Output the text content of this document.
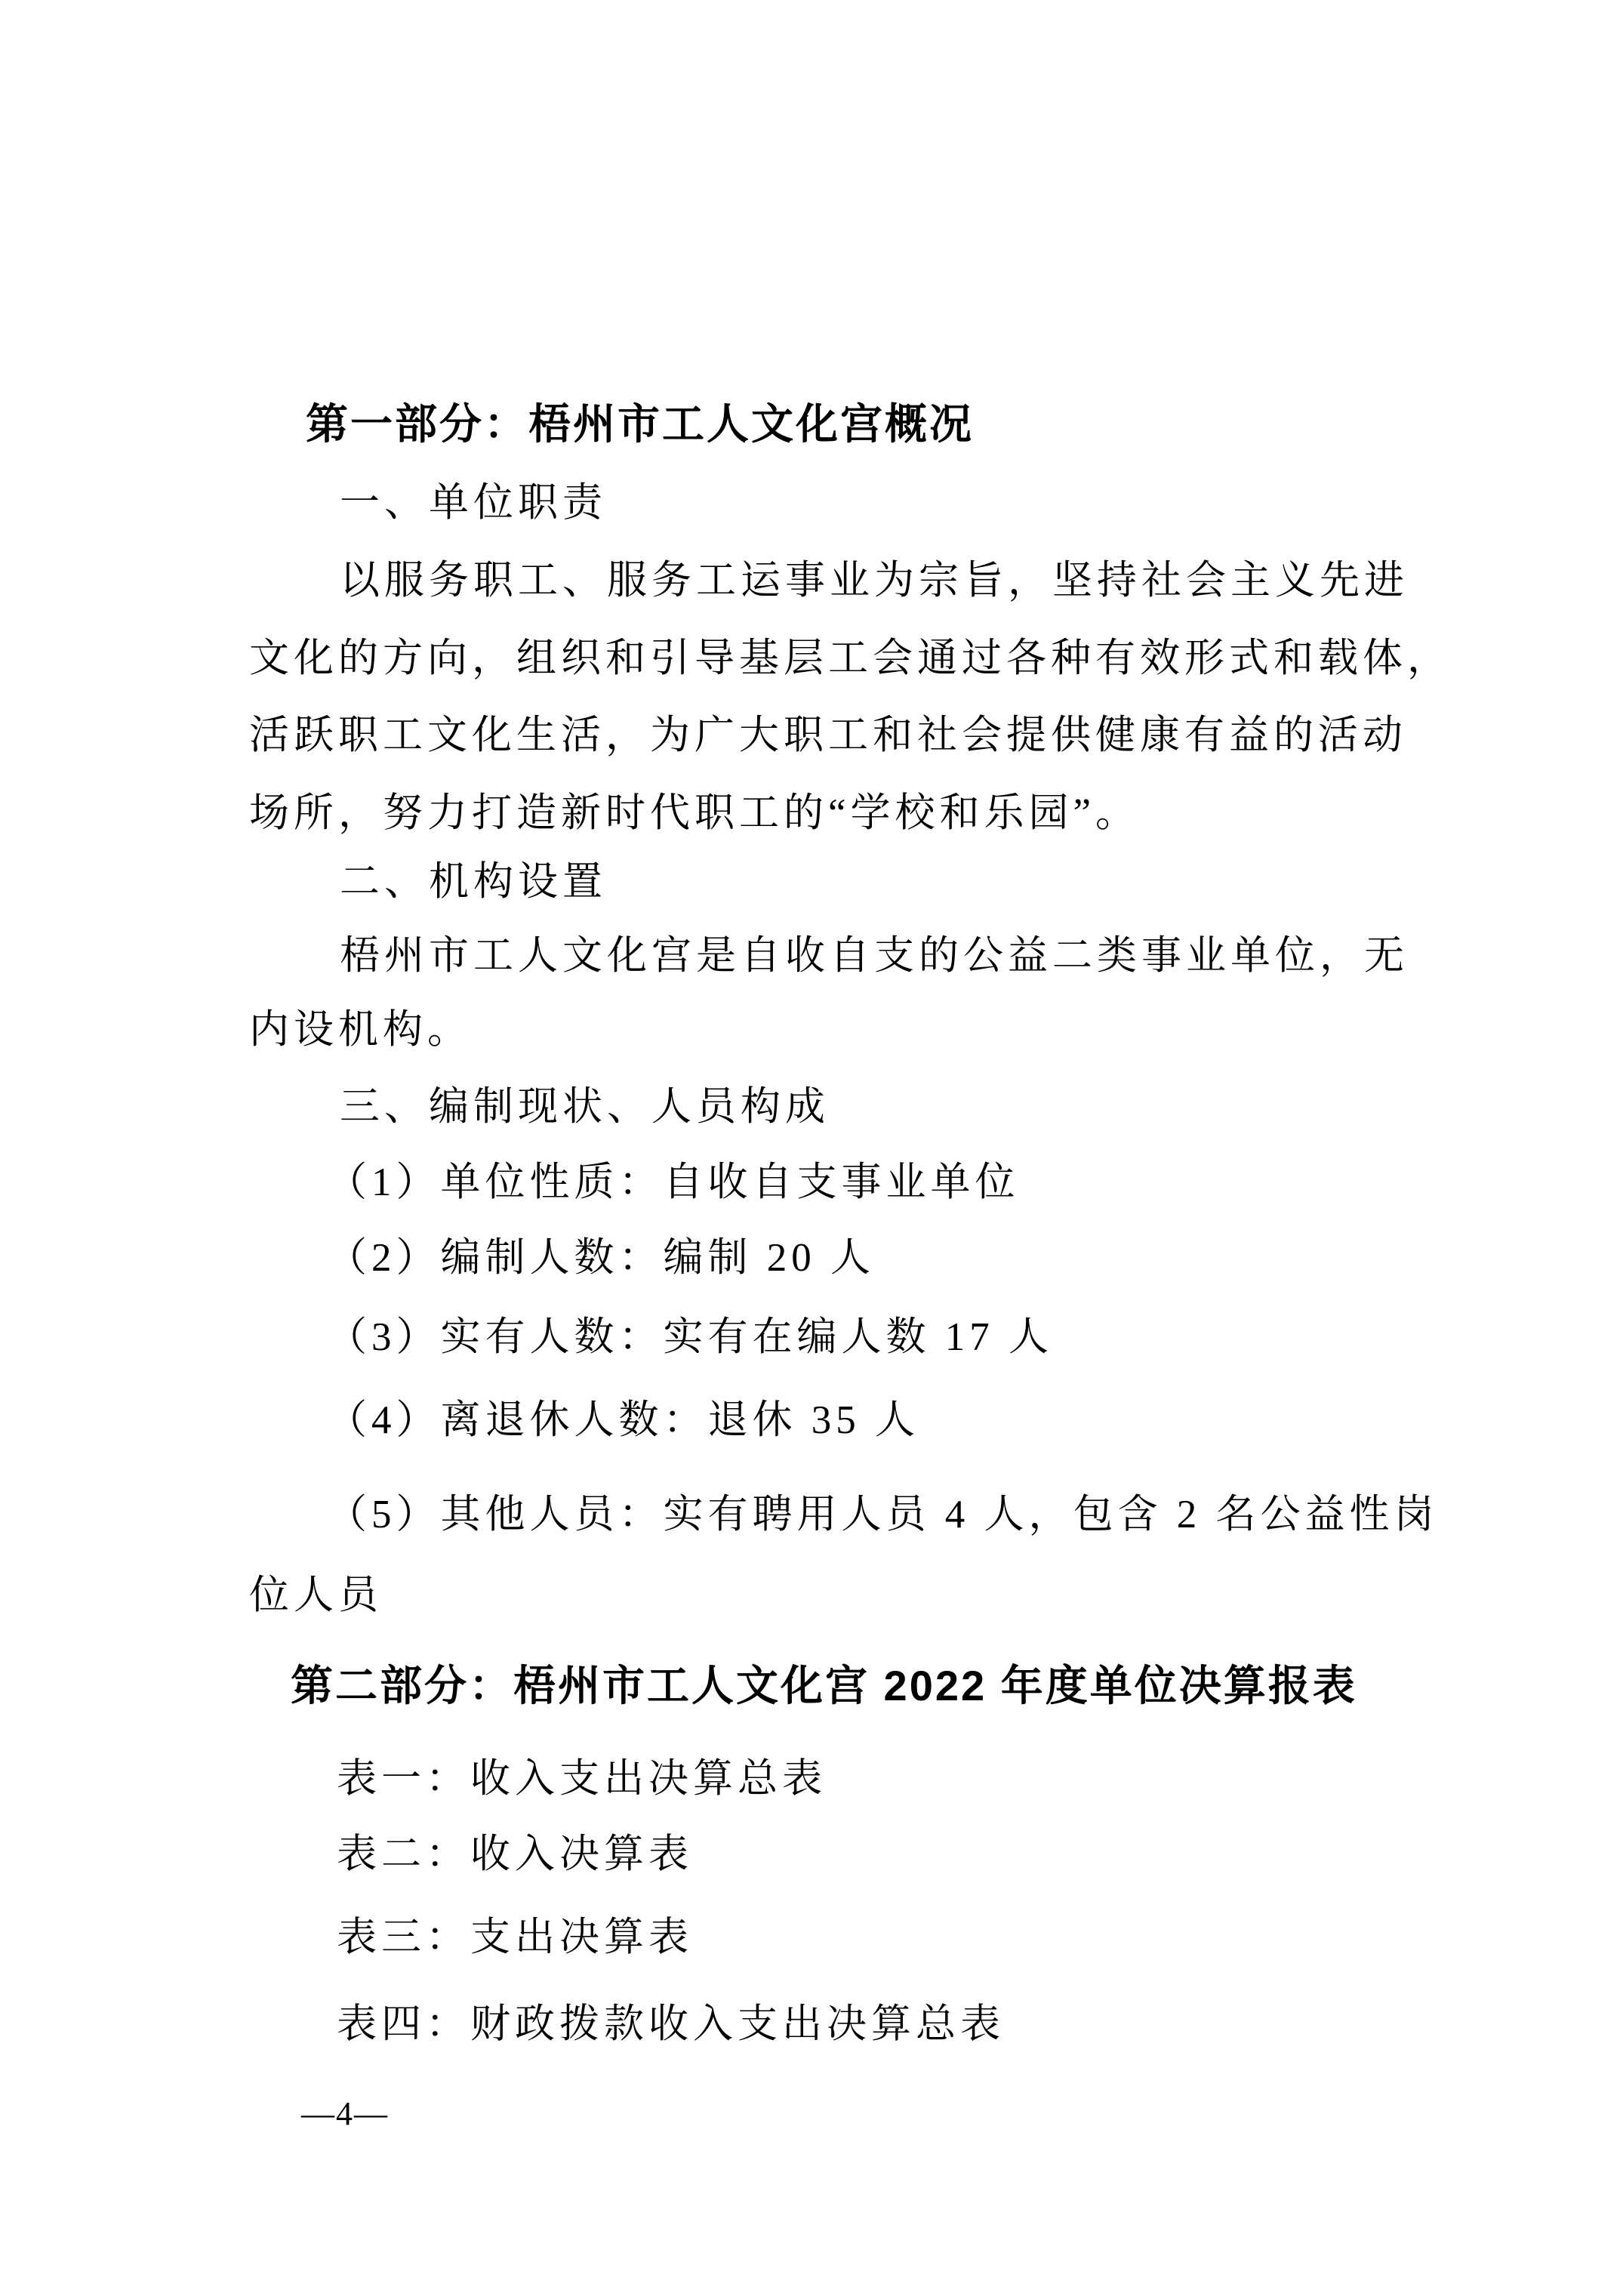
第一部分：梧州市工人文化宫概况
一、单位职责
以服务职工、服务工运事业为宗旨，坚持社会主义先进
文化的方向，组织和引导基层工会通过各种有效形式和载体，
活跃职工文化生活，为广大职工和社会提供健康有益的活动
场所，努力打造新时代职工的“学校和乐园”。
二、机构设置
梧州市工人文化宫是自收自支的公益二类事业单位，无
内设机构。
三、编制现状、人员构成
（1）单位性质：自收自支事业单位
（2）编制人数：编制 20 人
（3）实有人数：实有在编人数 17 人
（4）离退休人数：退休 35 人
（5）其他人员：实有聘用人员 4 人，包含 2 名公益性岗
位人员
第二部分：梧州市工人文化宫 2022 年度单位决算报表
表一：收入支出决算总表
表二：收入决算表
表三：支出决算表
表四：财政拨款收入支出决算总表
—4—
